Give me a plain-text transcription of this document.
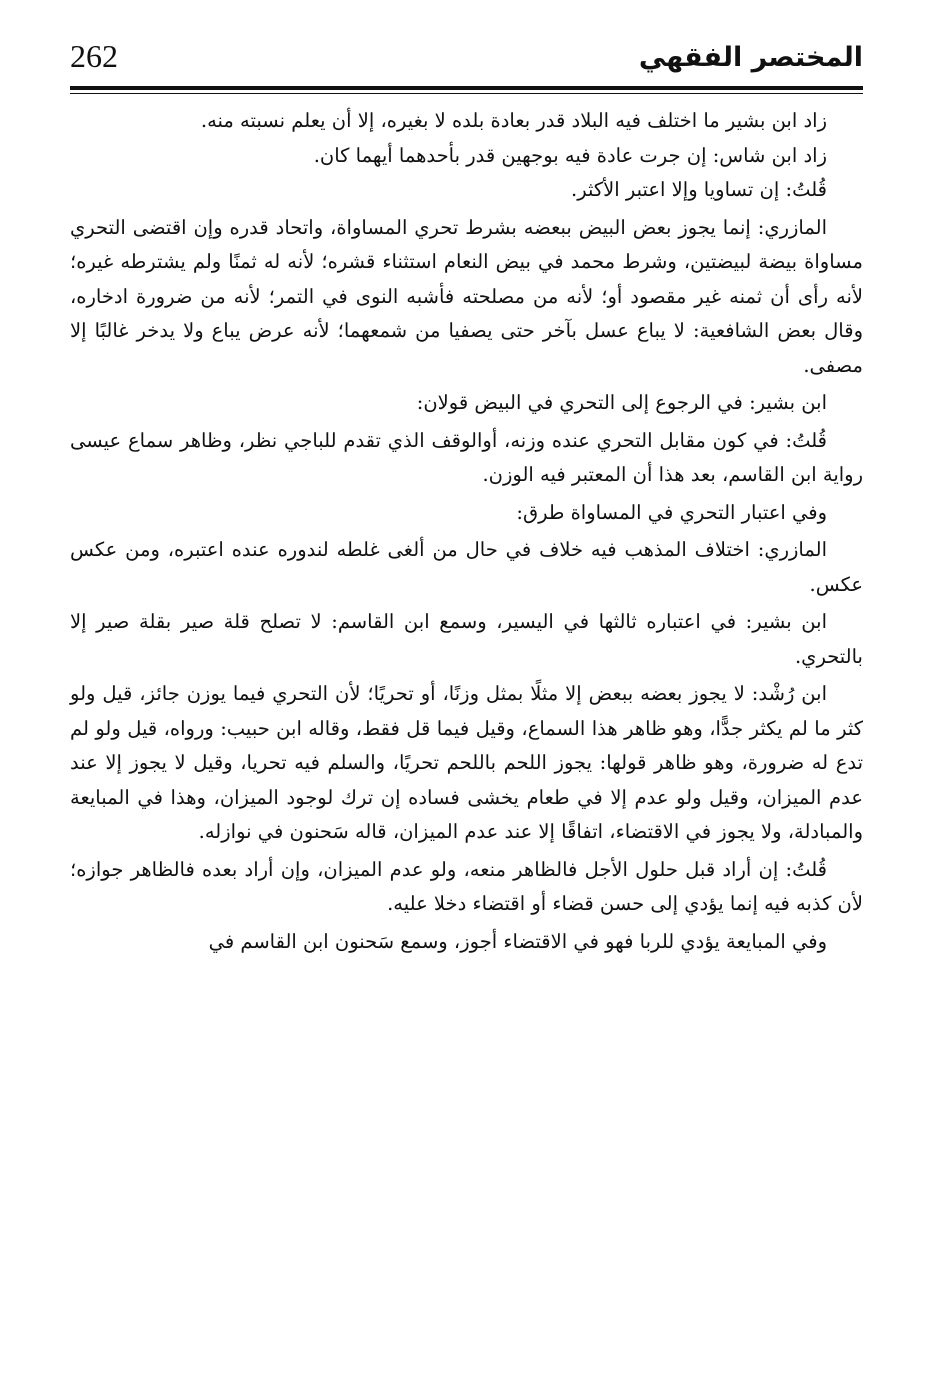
المختصر الفقهي
262

زاد ابن بشير ما اختلف فيه البلاد قدر بعادة بلده لا بغيره، إلا أن يعلم نسبته منه.

زاد ابن شاس: إن جرت عادة فيه بوجهين قدر بأحدهما أيهما كان.

قُلتُ: إن تساويا وإلا اعتبر الأكثر.

المازري: إنما يجوز بعض البيض ببعضه بشرط تحري المساواة، واتحاد قدره وإن اقتضى التحري مساواة بيضة لبيضتين، وشرط محمد في بيض النعام استثناء قشره؛ لأنه له ثمنًا ولم يشترطه غيره؛ لأنه رأى أن ثمنه غير مقصود أو؛ لأنه من مصلحته فأشبه النوى في التمر؛ لأنه من ضرورة ادخاره، وقال بعض الشافعية: لا يباع عسل بآخر حتى يصفيا من شمعهما؛ لأنه عرض يباع ولا يدخر غالبًا إلا مصفى.

ابن بشير: في الرجوع إلى التحري في البيض قولان:

قُلتُ: في كون مقابل التحري عنده وزنه، أوالوقف الذي تقدم للباجي نظر، وظاهر سماع عيسى رواية ابن القاسم، بعد هذا أن المعتبر فيه الوزن.

وفي اعتبار التحري في المساواة طرق:

المازري: اختلاف المذهب فيه خلاف في حال من ألغى غلطه لندوره عنده اعتبره، ومن عكس عكس.

ابن بشير: في اعتباره ثالثها في اليسير، وسمع ابن القاسم: لا تصلح قلة صير بقلة صير إلا بالتحري.

ابن رُشْد: لا يجوز بعضه ببعض إلا مثلًا بمثل وزنًا، أو تحريًا؛ لأن التحري فيما يوزن جائز، قيل ولو كثر ما لم يكثر جدًّا، وهو ظاهر هذا السماع، وقيل فيما قل فقط، وقاله ابن حبيب: ورواه، قيل ولو لم تدع له ضرورة، وهو ظاهر قولها: يجوز اللحم باللحم تحريًا، والسلم فيه تحريا، وقيل لا يجوز إلا عند عدم الميزان، وقيل ولو عدم إلا في طعام يخشى فساده إن ترك لوجود الميزان، وهذا في المبايعة والمبادلة، ولا يجوز في الاقتضاء، اتفاقًا إلا عند عدم الميزان، قاله سَحنون في نوازله.

قُلتُ: إن أراد قبل حلول الأجل فالظاهر منعه، ولو عدم الميزان، وإن أراد بعده فالظاهر جوازه؛ لأن كذبه فيه إنما يؤدي إلى حسن قضاء أو اقتضاء دخلا عليه.

وفي المبايعة يؤدي للربا فهو في الاقتضاء أجوز، وسمع سَحنون ابن القاسم في
